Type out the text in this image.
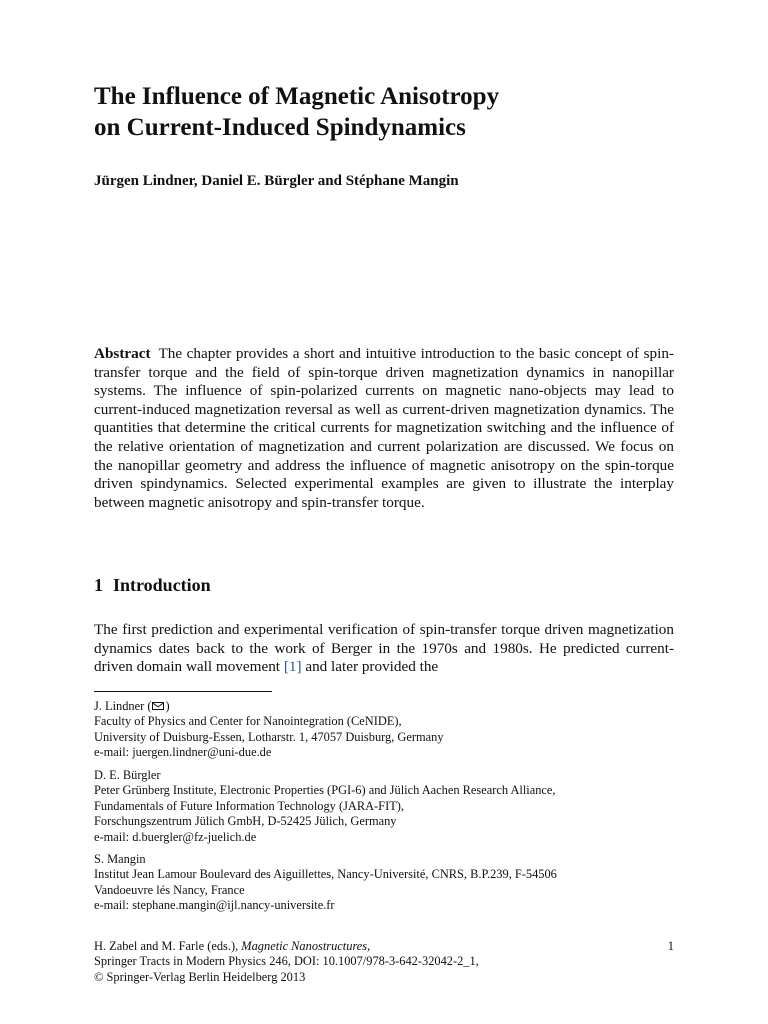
The Influence of Magnetic Anisotropy
on Current-Induced Spindynamics
Jürgen Lindner, Daniel E. Bürgler and Stéphane Mangin

Abstract The chapter provides a short and intuitive introduction to the basic concept of spin-transfer torque and the field of spin-torque driven magnetization dynamics in nanopillar systems. The influence of spin-polarized currents on magnetic nano-objects may lead to current-induced magnetization reversal as well as current-driven magnetization dynamics. The quantities that determine the critical currents for magnetization switching and the influence of the relative orientation of magnetization and current polarization are discussed. We focus on the nanopillar geometry and address the influence of magnetic anisotropy on the spin-torque driven spindynamics. Selected experimental examples are given to illustrate the interplay between magnetic anisotropy and spin-transfer torque.

1 Introduction

The first prediction and experimental verification of spin-transfer torque driven magnetization dynamics dates back to the work of Berger in the 1970s and 1980s. He predicted current-driven domain wall movement [1] and later provided the

J. Lindner ( )
Faculty of Physics and Center for Nanointegration (CeNIDE),
University of Duisburg-Essen, Lotharstr. 1, 47057 Duisburg, Germany
e-mail: juergen.lindner@uni-due.de
D. E. Bürgler
Peter Grünberg Institute, Electronic Properties (PGI-6) and Jülich Aachen Research Alliance,
Fundamentals of Future Information Technology (JARA-FIT),
Forschungszentrum Jülich GmbH, D-52425 Jülich, Germany
e-mail: d.buergler@fz-juelich.de
S. Mangin
Institut Jean Lamour Boulevard des Aiguillettes, Nancy-Université, CNRS, B.P.239, F-54506
Vandoeuvre lés Nancy, France
e-mail: stephane.mangin@ijl.nancy-universite.fr
H. Zabel and M. Farle (eds.), Magnetic Nanostructures,
Springer Tracts in Modern Physics 246, DOI: 10.1007/978-3-642-32042-2_1,
© Springer-Verlag Berlin Heidelberg 2013
1
